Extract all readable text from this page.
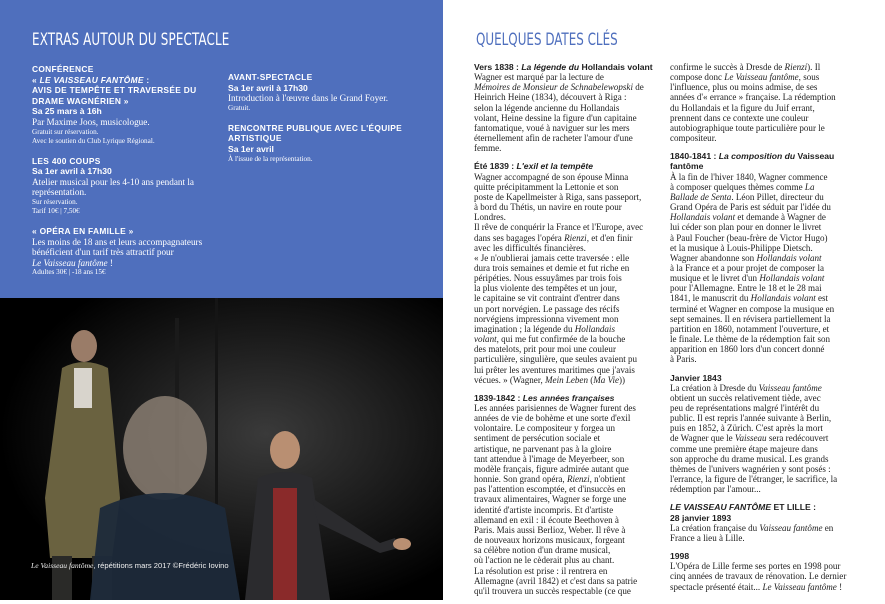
EXTRAS AUTOUR DU SPECTACLE

CONFÉRENCE

« LE VAISSEAU FANTÔME :

AVIS DE TEMPÊTE ET TRAVERSÉE DU

DRAME WAGNÉRIEN »

Sa 25 mars à 16h

Par Maxime Joos, musicologue.

Gratuit sur réservation.

Avec le soutien du Club Lyrique Régional.

LES 400 COUPS

Sa 1er avril à 17h30

Atelier musical pour les 4-10 ans pendant la

représentation.

Sur réservation.

Tarif 10€ | 7,50€

« OPÉRA EN FAMILLE »

Les moins de 18 ans et leurs accompagnateurs

bénéficient d'un tarif très attractif pour

Le Vaisseau fantôme !

Adultes 30€ | -18 ans 15€

AVANT-SPECTACLE

Sa 1er avril à 17h30

Introduction à l'œuvre dans le Grand Foyer.

Gratuit.

RENCONTRE PUBLIQUE AVEC L'ÉQUIPE

ARTISTIQUE

Sa 1er avril

À l'issue de la représentation.

Le Vaisseau fantôme, répétitions mars 2017 ©Frédéric Iovino
QUELQUES DATES CLÉS

Vers 1838 : La légende du Hollandais volant

Wagner est marqué par la lecture de

Mémoires de Monsieur de Schnabelewopski de

Heinrich Heine (1834), découvert à Riga :

selon la légende ancienne du Hollandais

volant, Heine dessine la figure d'un capitaine

fantomatique, voué à naviguer sur les mers

éternellement afin de racheter l'amour d'une

femme.

Été 1839 : L'exil et la tempête

Wagner accompagné de son épouse Minna

quitte précipitamment la Lettonie et son

poste de Kapellmeister à Riga, sans passeport,

à bord du Thétis, un navire en route pour

Londres.

Il rêve de conquérir la France et l'Europe, avec

dans ses bagages l'opéra Rienzi, et d'en finir

avec les difficultés financières.

« Je n'oublierai jamais cette traversée : elle

dura trois semaines et demie et fut riche en

péripéties. Nous essuyâmes par trois fois

la plus violente des tempêtes et un jour,

le capitaine se vit contraint d'entrer dans

un port norvégien. Le passage des récifs

norvégiens impressionna vivement mon

imagination ; la légende du Hollandais

volant, qui me fut confirmée de la bouche

des matelots, prit pour moi une couleur

particulière, singulière, que seules avaient pu

lui prêter les aventures maritimes que j'avais

vécues. » (Wagner, Mein Leben (Ma Vie))

1839-1842 : Les années françaises

Les années parisiennes de Wagner furent des

années de vie de bohème et une sorte d'exil

volontaire. Le compositeur y forgea un

sentiment de persécution sociale et

artistique, ne parvenant pas à la gloire

tant attendue à l'image de Meyerbeer, son

modèle français, figure admirée autant que

honnie. Son grand opéra, Rienzi, n'obtient

pas l'attention escomptée, et d'insuccès en

travaux alimentaires, Wagner se forge une

identité d'artiste incompris. Et d'artiste

allemand en exil : il écoute Beethoven à

Paris. Mais aussi Berlioz, Weber. Il rêve à

de nouveaux horizons musicaux, forgeant

sa célèbre notion d'un drame musical,

où l'action ne le cèderait plus au chant.

La résolution est prise : il rentrera en

Allemagne (avril 1842) et c'est dans sa patrie

qu'il trouvera un succès respectable (ce que

confirme le succès à Dresde de Rienzi). Il

compose donc Le Vaisseau fantôme, sous

l'influence, plus ou moins admise, de ses

années d'« errance » française. La rédemption

du Hollandais et la figure du Juif errant,

prennent dans ce contexte une couleur

autobiographique toute particulière pour le

compositeur.

1840-1841 : La composition du Vaisseau

fantôme

À la fin de l'hiver 1840, Wagner commence

à composer quelques thèmes comme La

Ballade de Senta. Léon Pillet, directeur du

Grand Opéra de Paris est séduit par l'idée du

Hollandais volant et demande à Wagner de

lui céder son plan pour en donner le livret

à Paul Foucher (beau-frère de Victor Hugo)

et la musique à Louis-Philippe Dietsch.

Wagner abandonne son Hollandais volant

à la France et a pour projet de composer la

musique et le livret d'un Hollandais volant

pour l'Allemagne. Entre le 18 et le 28 mai

1841, le manuscrit du Hollandais volant est

terminé et Wagner en compose la musique en

sept semaines. Il en révisera partiellement la

partition en 1860, notamment l'ouverture, et

le finale. Le thème de la rédemption fait son

apparition en 1860 lors d'un concert donné

à Paris.

Janvier 1843

La création à Dresde du Vaisseau fantôme

obtient un succès relativement tiède, avec

peu de représentations malgré l'intérêt du

public. Il est repris l'année suivante à Berlin,

puis en 1852, à Zürich. C'est après la mort

de Wagner que le Vaisseau sera redécouvert

comme une première étape majeure dans

son approche du drame musical. Les grands

thèmes de l'univers wagnérien y sont posés :

l'errance, la figure de l'étranger, le sacrifice, la

rédemption par l'amour...

LE VAISSEAU FANTÔME ET LILLE :

28 janvier 1893

La création française du Vaisseau fantôme en

France a lieu à Lille.

1998

L'Opéra de Lille ferme ses portes en 1998 pour

cinq années de travaux de rénovation. Le dernier

spectacle présenté était... Le Vaisseau fantôme !
